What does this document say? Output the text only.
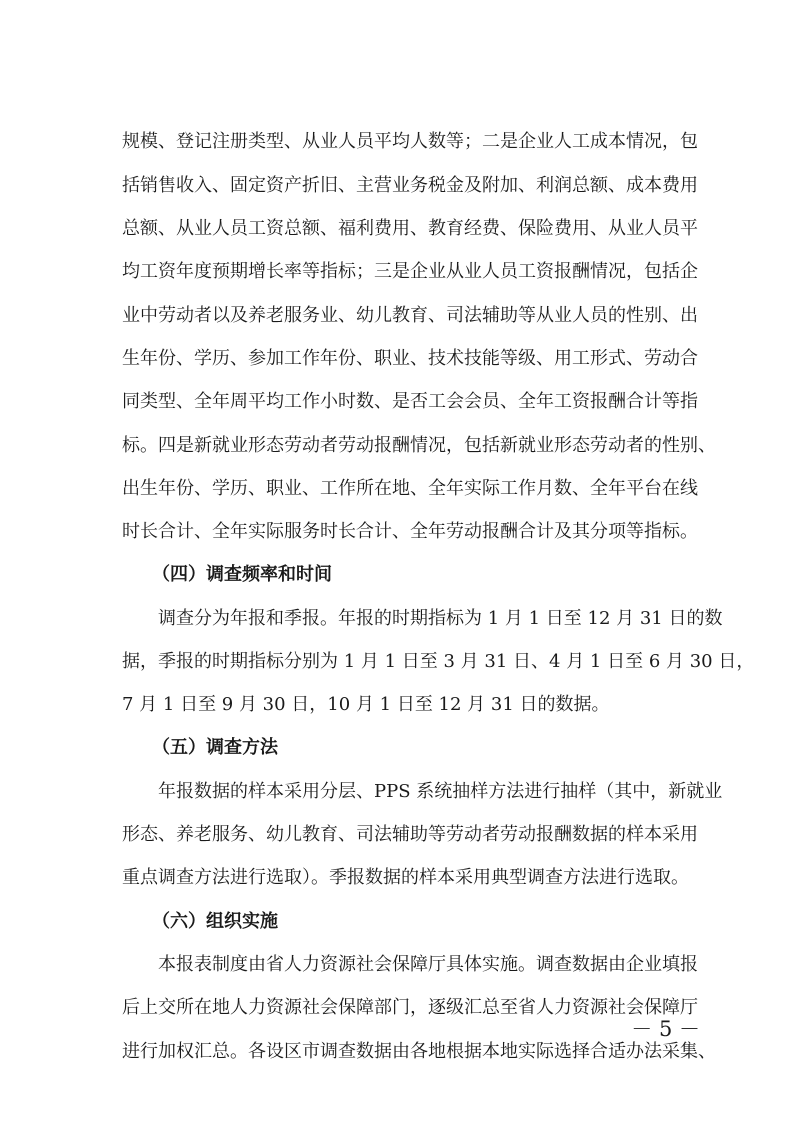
规模、登记注册类型、从业人员平均人数等；二是企业人工成本情况，包
括销售收入、固定资产折旧、主营业务税金及附加、利润总额、成本费用
总额、从业人员工资总额、福利费用、教育经费、保险费用、从业人员平
均工资年度预期增长率等指标；三是企业从业人员工资报酬情况，包括企
业中劳动者以及养老服务业、幼儿教育、司法辅助等从业人员的性别、出
生年份、学历、参加工作年份、职业、技术技能等级、用工形式、劳动合
同类型、全年周平均工作小时数、是否工会会员、全年工资报酬合计等指
标。四是新就业形态劳动者劳动报酬情况，包括新就业形态劳动者的性别、
出生年份、学历、职业、工作所在地、全年实际工作月数、全年平台在线
时长合计、全年实际服务时长合计、全年劳动报酬合计及其分项等指标。
（四）调查频率和时间
调查分为年报和季报。年报的时期指标为 1 月 1 日至 12 月 31 日的数
据，季报的时期指标分别为 1 月 1 日至 3 月 31 日、4 月 1 日至 6 月 30 日，
7 月 1 日至 9 月 30 日，10 月 1 日至 12 月 31 日的数据。
（五）调查方法
年报数据的样本采用分层、PPS 系统抽样方法进行抽样（其中，新就业
形态、养老服务、幼儿教育、司法辅助等劳动者劳动报酬数据的样本采用
重点调查方法进行选取）。季报数据的样本采用典型调查方法进行选取。
（六）组织实施
本报表制度由省人力资源社会保障厅具体实施。调查数据由企业填报
后上交所在地人力资源社会保障部门，逐级汇总至省人力资源社会保障厅
进行加权汇总。各设区市调查数据由各地根据本地实际选择合适办法采集、
－ 5 －
